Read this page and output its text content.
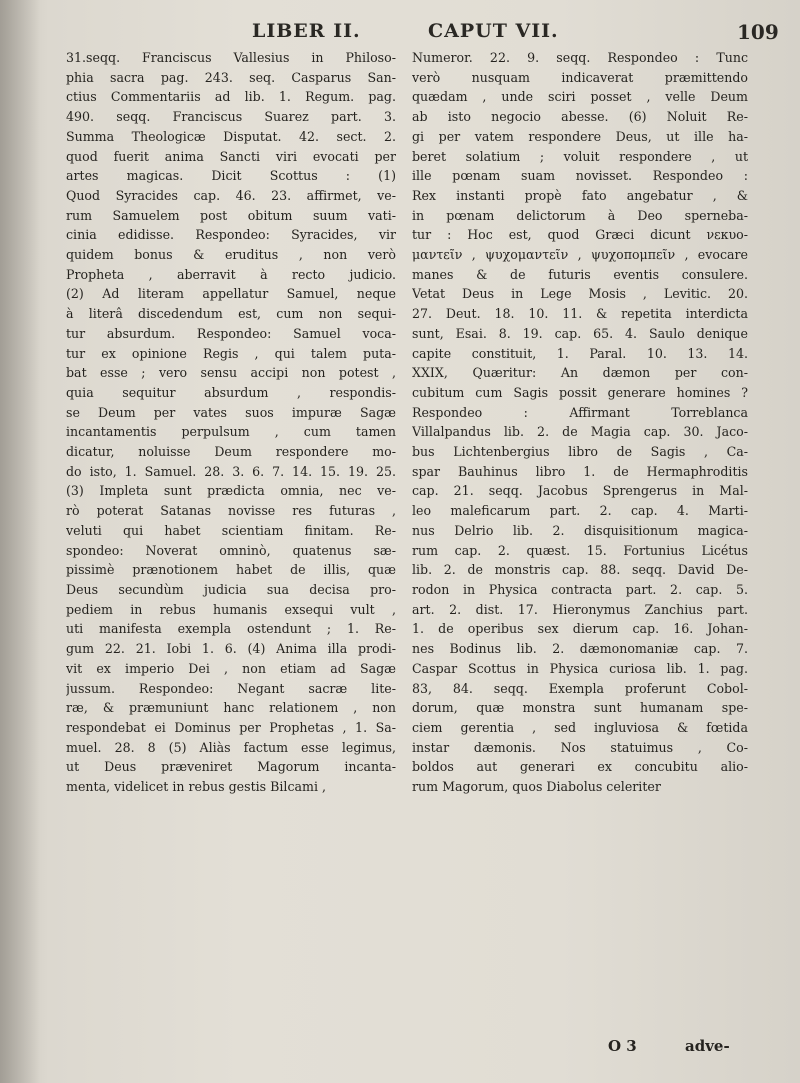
LIBER II.	CAPUT VII.	109
31.seqq. Franciscus Vallesius in Philoso-
phia sacra pag. 243. seq. Casparus San-
ctius Commentariis ad lib. 1. Regum. pag.
490. seqq. Franciscus Suarez part. 3.
Summa Theologicæ Disputat. 42. sect. 2.
quod fuerit anima Sancti viri evocati per
artes magicas. Dicit Scottus : (1)
Quod Syracides cap. 46. 23. affirmet, ve-
rum Samuelem post obitum suum vati-
cinia edidisse. Respondeo: Syracides, vir
quidem bonus & eruditus , non verò
Propheta , aberravit à recto judicio.
(2) Ad literam appellatur Samuel, neque
à literâ discedendum est, cum non sequi-
tur absurdum. Respondeo: Samuel voca-
tur ex opinione Regis , qui talem puta-
bat esse ; vero sensu accipi non potest ,
quia sequitur absurdum , respondis-
se Deum per vates suos impuræ Sagæ
incantamentis perpulsum , cum tamen
dicatur, noluisse Deum respondere mo-
do isto, 1. Samuel. 28. 3. 6. 7. 14. 15. 19. 25.
(3) Impleta sunt prædicta omnia, nec ve-
rò poterat Satanas novisse res futuras ,
veluti qui habet scientiam finitam. Re-
spondeo: Noverat omninò, quatenus sæ-
pissimè prænotionem habet de illis, quæ
Deus secundùm judicia sua decisa pro-
pediem in rebus humanis exsequi vult ,
uti manifesta exempla ostendunt ; 1. Re-
gum 22. 21. Iobi 1. 6. (4) Anima illa prodi-
vit ex imperio Dei , non etiam ad Sagæ
jussum. Respondeo: Negant sacræ lite-
ræ, & præmuniunt hanc relationem , non
respondebat ei Dominus per Prophetas , 1. Sa-
muel. 28. 8 (5) Aliàs factum esse legimus,
ut Deus præveniret Magorum incanta-
menta, videlicet in rebus gestis Bilcami ,
Numeror. 22. 9. seqq. Respondeo : Tunc
verò nusquam indicaverat præmittendo
quædam , unde sciri posset , velle Deum
ab isto negocio abesse. (6) Noluit Re-
gi per vatem respondere Deus, ut ille ha-
beret solatium ; voluit respondere , ut
ille pœnam suam novisset. Respondeo :
Rex instanti propè fato angebatur , &
in pœnam delictorum à Deo sperneba-
tur : Hoc est, quod Græci dicunt νεκυο-
μαντεῖν , ψυχομαντεῖν , ψυχοπομπεῖν , evocare
manes & de futuris eventis consulere.
Vetat Deus in Lege Mosis , Levitic. 20.
27. Deut. 18. 10. 11. & repetita interdicta
sunt, Esai. 8. 19. cap. 65. 4. Saulo denique
capite constituit, 1. Paral. 10. 13. 14.
XXIX, Quæritur: An dæmon per con-
cubitum cum Sagis possit generare homines ?
Respondeo : Affirmant Torreblanca
Villalpandus lib. 2. de Magia cap. 30. Jaco-
bus Lichtenbergius libro de Sagis , Ca-
spar Bauhinus libro 1. de Hermaphroditis
cap. 21. seqq. Jacobus Sprengerus in Mal-
leo maleficarum part. 2. cap. 4. Marti-
nus Delrio lib. 2. disquisitionum magica-
rum cap. 2. quæst. 15. Fortunius Licétus
lib. 2. de monstris cap. 88. seqq. David De-
rodon in Physica contracta part. 2. cap. 5.
art. 2. dist. 17. Hieronymus Zanchius part.
1. de operibus sex dierum cap. 16. Johan-
nes Bodinus lib. 2. dæmonomaniæ cap. 7.
Caspar Scottus in Physica curiosa lib. 1. pag.
83, 84. seqq. Exempla proferunt Cobol-
dorum, quæ monstra sunt humanam spe-
ciem gerentia , sed ingluviosa & fœtida
instar dæmonis. Nos statuimus , Co-
boldos aut generari ex concubitu alio-
rum Magorum, quos Diabolus celeriter
O 3	adve-
